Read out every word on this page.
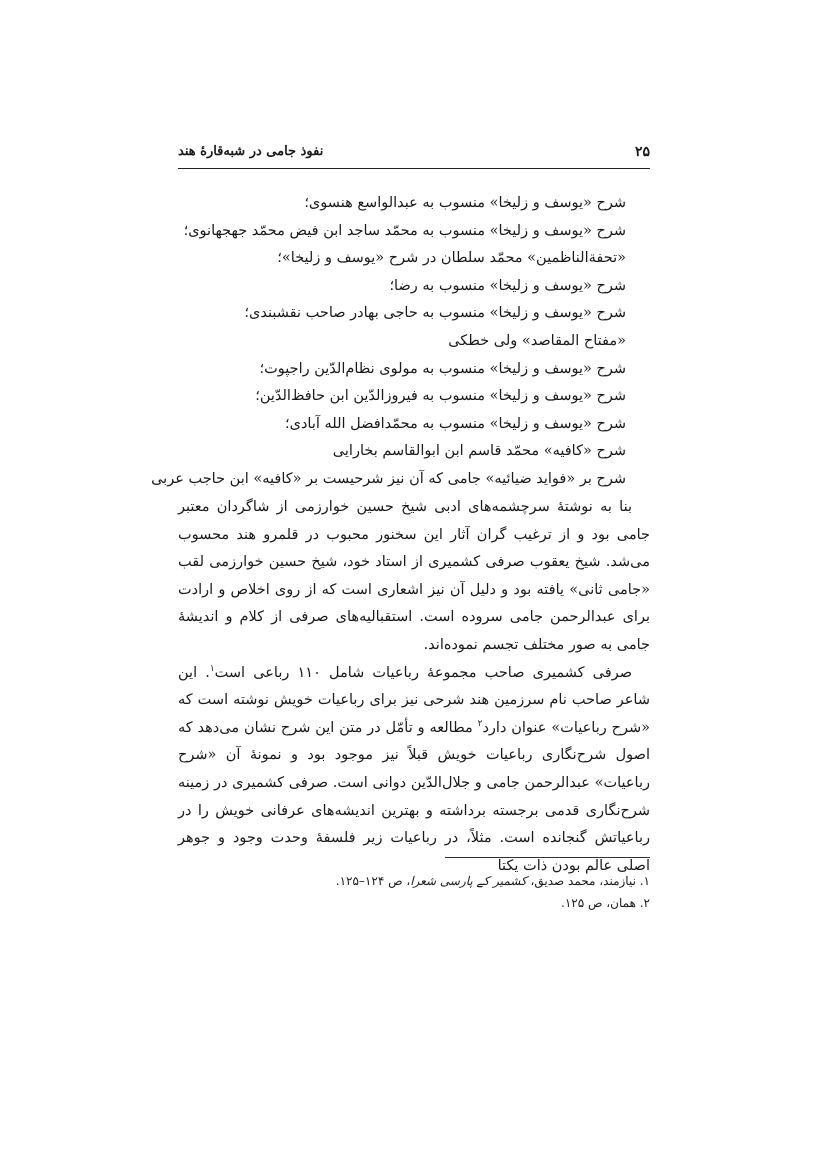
۲۵
نفوذ جامی در شبه‌قارهٔ هند
شرح «یوسف و زلیخا» منسوب به عبدالواسع هنسوی؛
شرح «یوسف و زلیخا» منسوب به محمّد ساجد ابن فیض محمّد جهجهانوی؛
«تحفةالناظمین» محمّد سلطان در شرح «یوسف و زلیخا»؛
شرح «یوسف و زلیخا» منسوب به رضا؛
شرح «یوسف و زلیخا» منسوب به حاجی بهادر صاحب نقشبندی؛
«مفتاح المقاصد» ولی خطکی
شرح «یوسف و زلیخا» منسوب به مولوی نظام‌الدّین راجپوت؛
شرح «یوسف و زلیخا» منسوب به فیروزالدّین ابن حافظ‌الدّین؛
شرح «یوسف و زلیخا» منسوب به محمّدافضل الله آبادی؛
شرح «کافیه» محمّد قاسم ابن ابوالقاسم بخارایی
شرح بر «فواید ضیائیه» جامی که آن نیز شرحیست بر «کافیه» ابن حاجب عربی

بنا به نوشتهٔ سرچشمه‌های ادبی شیخ حسین خوارزمی از شاگردان معتبر جامی بود و از ترغیب گران آثار این سخنور محبوب در قلمرو هند محسوب می‌شد. شیخ یعقوب صرفی کشمیری از استاد خود، شیخ حسین خوارزمی لقب «جامی ثانی» یافته بود و دلیل آن نیز اشعاری است که از روی اخلاص و ارادت برای عبدالرحمن جامی سروده است. استقبالیه‌های صرفی از کلام و اندیشهٔ جامی به صور مختلف تجسم نموده‌اند.

صرفی کشمیری صاحب مجموعهٔ رباعیات شامل ۱۱۰ رباعی است$^۱$. این شاعر صاحب نام سرزمین هند شرحی نیز برای رباعیات خویش نوشته است که «شرح رباعیات» عنوان دارد$^۲$ مطالعه و تأمّل در متن این شرح نشان می‌دهد که اصول شرح‌نگاری رباعیات خویش قبلاً نیز موجود بود و نمونهٔ آن «شرح رباعیات» عبدالرحمن جامی و جلال‌الدّین دوانی است. صرفی کشمیری در زمینه شرح‌نگاری قدمی برجسته برداشته و بهترین اندیشه‌های عرفانی خویش را در رباعیاتش گنجانده است. مثلاً، در رباعیات زیر فلسفهٔ وحدت وجود و جوهر اصلی عالم بودن ذات یکتا

۱. نیازمند، محمد صدیق، کشمیر کے پارسی شعرا، ص ۱۲۴–۱۲۵.
۲. همان، ص ۱۲۵.
